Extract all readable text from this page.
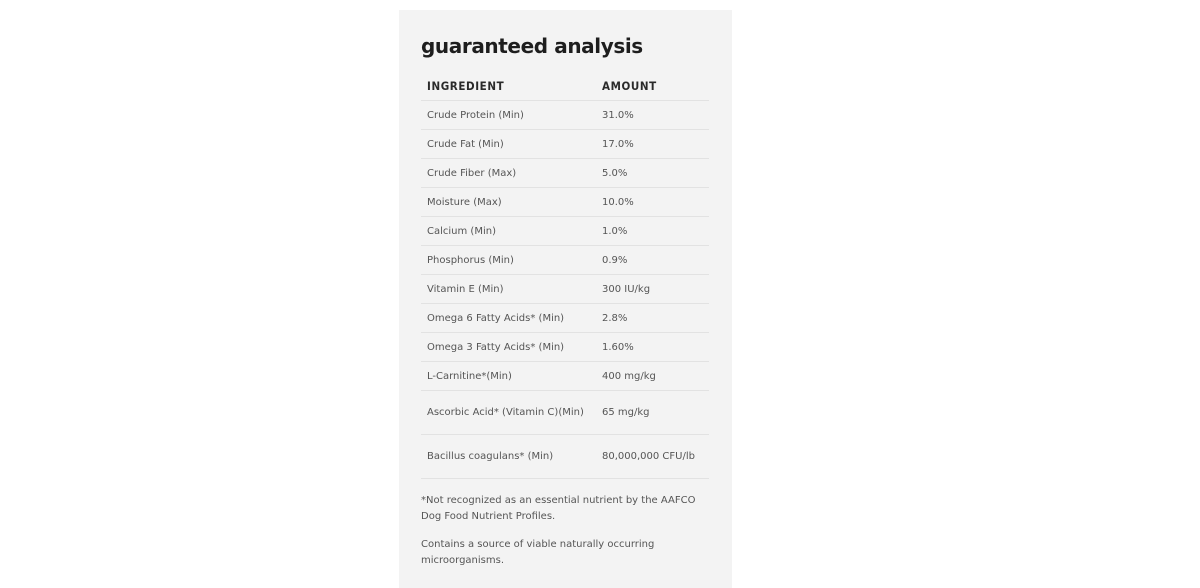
guaranteed analysis
INGREDIENT	AMOUNT
Crude Protein (Min)	31.0%
Crude Fat (Min)	17.0%
Crude Fiber (Max)	5.0%
Moisture (Max)	10.0%
Calcium (Min)	1.0%
Phosphorus (Min)	0.9%
Vitamin E (Min)	300 IU/kg
Omega 6 Fatty Acids* (Min)	2.8%
Omega 3 Fatty Acids* (Min)	1.60%
L-Carnitine*(Min)	400 mg/kg
Ascorbic Acid* (Vitamin C)(Min)	65 mg/kg
Bacillus coagulans* (Min)	80,000,000 CFU/lb

*Not recognized as an essential nutrient by the AAFCO Dog Food Nutrient Profiles.

Contains a source of viable naturally occurring microorganisms.
